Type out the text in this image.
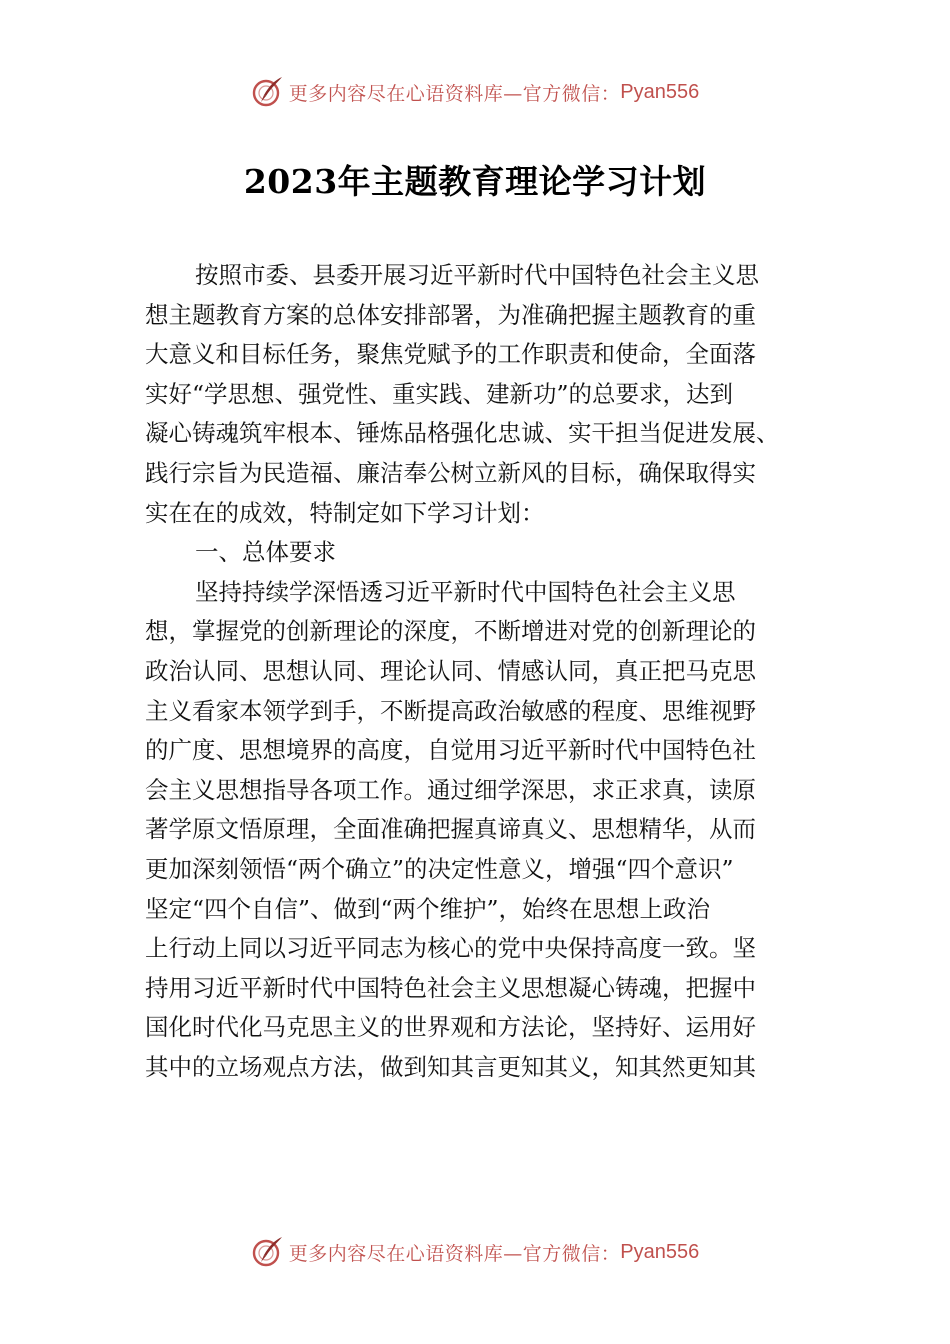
更多内容尽在心语资料库—官方微信： Pyan556
2023年主题教育理论学习计划
按照市委、县委开展习近平新时代中国特色社会主义思
想主题教育方案的总体安排部署，为准确把握主题教育的重
大意义和目标任务，聚焦党赋予的工作职责和使命，全面落
实好“学思想、强党性、重实践、建新功”的总要求，达到
凝心铸魂筑牢根本、锤炼品格强化忠诚、实干担当促进发展、
践行宗旨为民造福、廉洁奉公树立新风的目标，确保取得实
实在在的成效，特制定如下学习计划：
一、总体要求
坚持持续学深悟透习近平新时代中国特色社会主义思
想，掌握党的创新理论的深度，不断增进对党的创新理论的
政治认同、思想认同、理论认同、情感认同，真正把马克思
主义看家本领学到手，不断提高政治敏感的程度、思维视野
的广度、思想境界的高度，自觉用习近平新时代中国特色社
会主义思想指导各项工作。通过细学深思，求正求真，读原
著学原文悟原理，全面准确把握真谛真义、思想精华，从而
更加深刻领悟“两个确立”的决定性意义，增强“四个意识”
坚定“四个自信”、做到“两个维护”，始终在思想上政治
上行动上同以习近平同志为核心的党中央保持高度一致。坚
持用习近平新时代中国特色社会主义思想凝心铸魂，把握中
国化时代化马克思主义的世界观和方法论，坚持好、运用好
其中的立场观点方法，做到知其言更知其义，知其然更知其
更多内容尽在心语资料库—官方微信： Pyan556
